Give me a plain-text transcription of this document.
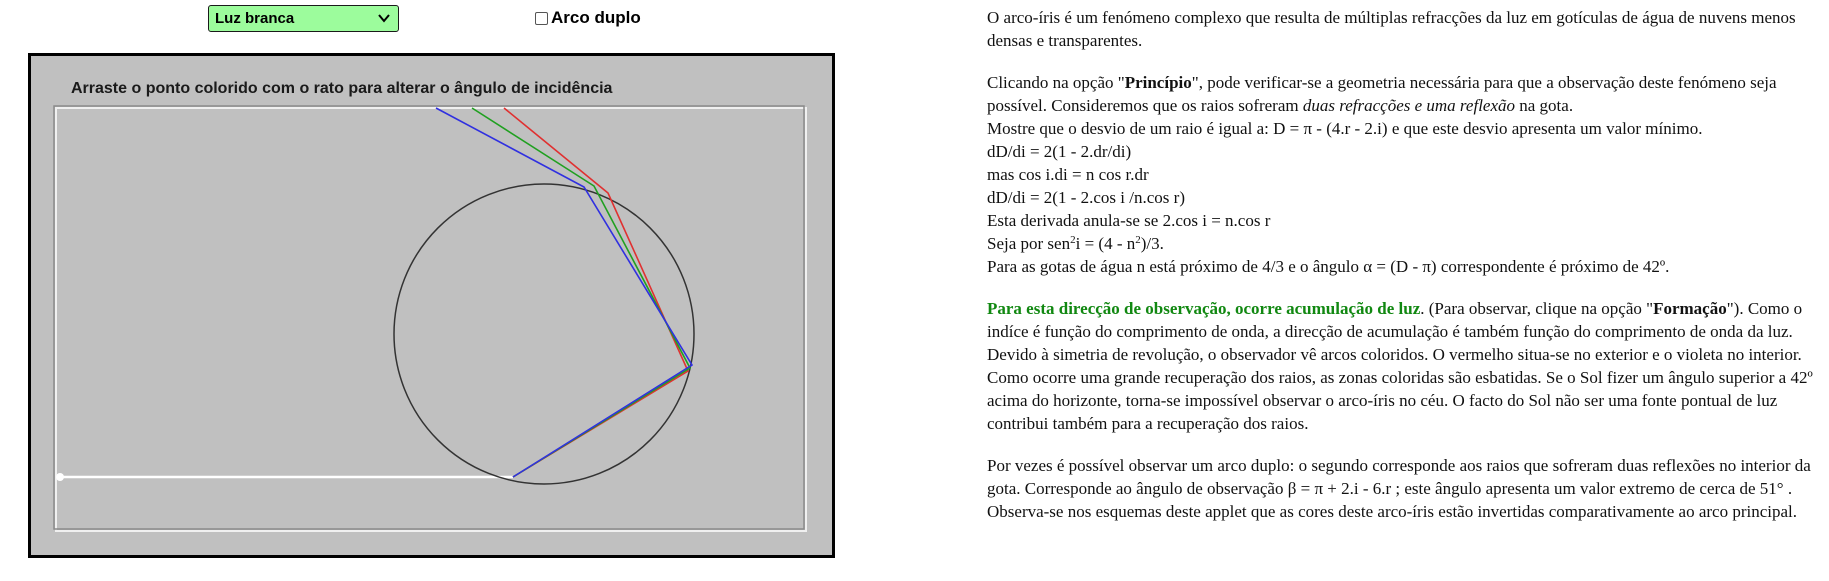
Luz branca	Arco duplo
Arraste o ponto colorido com o rato para alterar o ângulo de incidência

O arco-íris é um fenómeno complexo que resulta de múltiplas refracções da luz em gotículas de água de nuvens menos densas e transparentes.

Clicando na opção "Princípio", pode verificar-se a geometria necessária para que a observação deste fenómeno seja possível. Consideremos que os raios sofreram duas refracções e uma reflexão na gota.
Mostre que o desvio de um raio é igual a: D = π - (4.r - 2.i) e que este desvio apresenta um valor mínimo.
dD/di = 2(1 - 2.dr/di)
mas cos i.di = n cos r.dr
dD/di = 2(1 - 2.cos i /n.cos r)
Esta derivada anula-se se 2.cos i = n.cos r
Seja por $sen^2i = (4 - n^2)/3$.
Para as gotas de água n está próximo de 4/3 e o ângulo α = (D - π) correspondente é próximo de 42º.

Para esta direcção de observação, ocorre acumulação de luz. (Para observar, clique na opção "Formação"). Como o indíce é função do comprimento de onda, a direcção de acumulação é também função do comprimento de onda da luz. Devido à simetria de revolução, o observador vê arcos coloridos. O vermelho situa-se no exterior e o violeta no interior. Como ocorre uma grande recuperação dos raios, as zonas coloridas são esbatidas. Se o Sol fizer um ângulo superior a 42º acima do horizonte, torna-se impossível observar o arco-íris no céu. O facto do Sol não ser uma fonte pontual de luz contribui também para a recuperação dos raios.

Por vezes é possível observar um arco duplo: o segundo corresponde aos raios que sofreram duas reflexões no interior da gota. Corresponde ao ângulo de observação β = π + 2.i - 6.r ; este ângulo apresenta um valor extremo de cerca de 51° . Observa-se nos esquemas deste applet que as cores deste arco-íris estão invertidas comparativamente ao arco principal.
